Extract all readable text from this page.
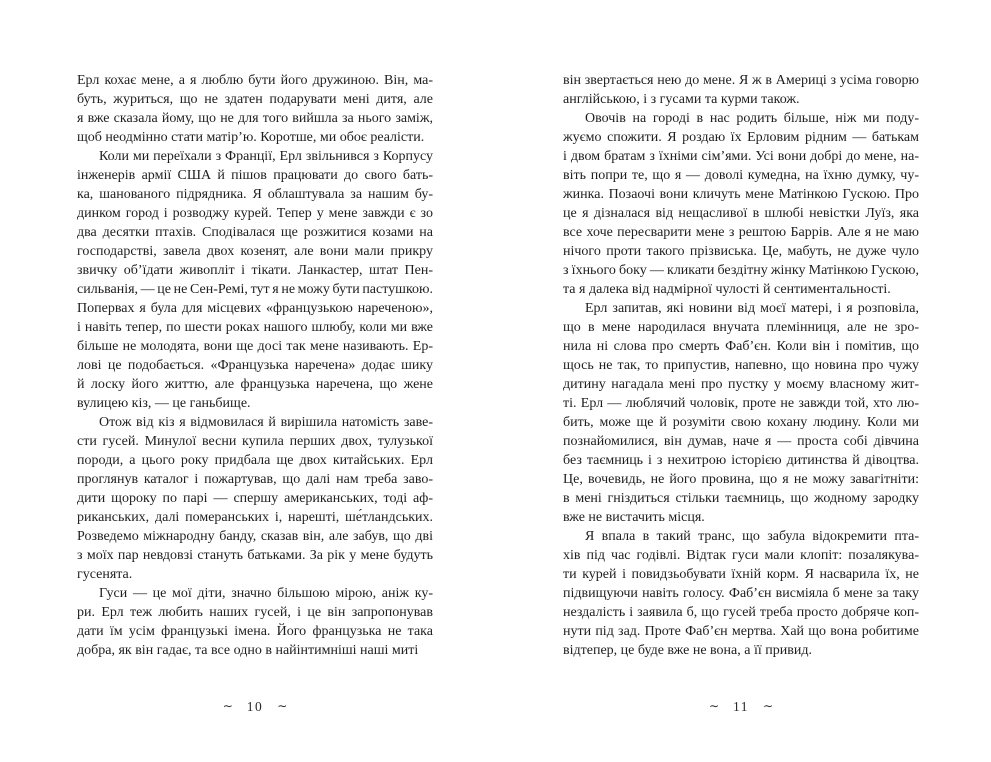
Ерл кохає мене, а я люблю бути його дружиною. Він, ма-
буть, журиться, що не здатен подарувати мені дитя, але
я вже сказала йому, що не для того вийшла за нього заміж,
щоб неодмінно стати матір’ю. Коротше, ми обоє реалісти.
Коли ми переїхали з Франції, Ерл звільнився з Корпусу
інженерів армії США й пішов працювати до свого бать-
ка, шанованого підрядника. Я облаштувала за нашим бу-
динком город і розводжу курей. Тепер у мене завжди є зо
два десятки птахів. Сподівалася ще розжитися козами на
господарстві, завела двох козенят, але вони мали прикру
звичку об’їдати живопліт і тікати. Ланкастер, штат Пен-
сильванія, — це не Сен-Ремі, тут я не можу бути пастушкою.
Попервах я була для місцевих «французькою нареченою»,
і навіть тепер, по шести роках нашого шлюбу, коли ми вже
більше не молодята, вони ще досі так мене називають. Ер-
лові це подобається. «Французька наречена» додає шику
й лоску його життю, але французька наречена, що жене
вулицею кіз, — це ганьбище.
Отож від кіз я відмовилася й вирішила натомість заве-
сти гусей. Минулої весни купила перших двох, тулузької
породи, а цього року придбала ще двох китайських. Ерл
проглянув каталог і пожартував, що далі нам треба заво-
дити щороку по парі — спершу американських, тоді аф-
риканських, далі померанських і, нарешті, ше́тландських.
Розведемо міжнародну банду, сказав він, але забув, що дві
з моїх пар невдовзі стануть батьками. За рік у мене будуть
гусенята.
Гуси — це мої діти, значно більшою мірою, аніж ку-
ри. Ерл теж любить наших гусей, і це він запропонував
дати їм усім французькі імена. Його французька не така
добра, як він гадає, та все одно в найінтимніші наші миті
∼ 10 ∼
він звертається нею до мене. Я ж в Америці з усіма говорю
англійською, і з гусами та курми також.
Овочів на городі в нас родить більше, ніж ми поду-
жуємо спожити. Я роздаю їх Ерловим рідним — батькам
і двом братам з їхніми сім’ями. Усі вони добрі до мене, на-
віть попри те, що я — доволі кумедна, на їхню думку, чу-
жинка. Позаочі вони кличуть мене Матінкою Гускою. Про
це я дізналася від нещасливої в шлюбі невістки Луїз, яка
все хоче пересварити мене з рештою Баррів. Але я не маю
нічого проти такого прізвиська. Це, мабуть, не дуже чуло
з їхнього боку — кликати бездітну жінку Матінкою Гускою,
та я далека від надмірної чулості й сентиментальності.
Ерл запитав, які новини від моєї матері, і я розповіла,
що в мене народилася внучата племінниця, але не зро-
нила ні слова про смерть Фаб’єн. Коли він і помітив, що
щось не так, то припустив, напевно, що новина про чужу
дитину нагадала мені про пустку у моєму власному жит-
ті. Ерл — люблячий чоловік, проте не завжди той, хто лю-
бить, може ще й розуміти свою кохану людину. Коли ми
познайомилися, він думав, наче я — проста собі дівчина
без таємниць і з нехитрою історією дитинства й дівоцтва.
Це, вочевидь, не його провина, що я не можу завагітніти:
в мені гніздиться стільки таємниць, що жодному зародку
вже не вистачить місця.
Я впала в такий транс, що забула відокремити пта-
хів під час годівлі. Відтак гуси мали клопіт: позалякува-
ти курей і повидзьобувати їхній корм. Я насварила їх, не
підвищуючи навіть голосу. Фаб’єн висміяла б мене за таку
нездалість і заявила б, що гусей треба просто добряче коп-
нути під зад. Проте Фаб’єн мертва. Хай що вона робитиме
відтепер, це буде вже не вона, а її привид.
∼ 11 ∼
